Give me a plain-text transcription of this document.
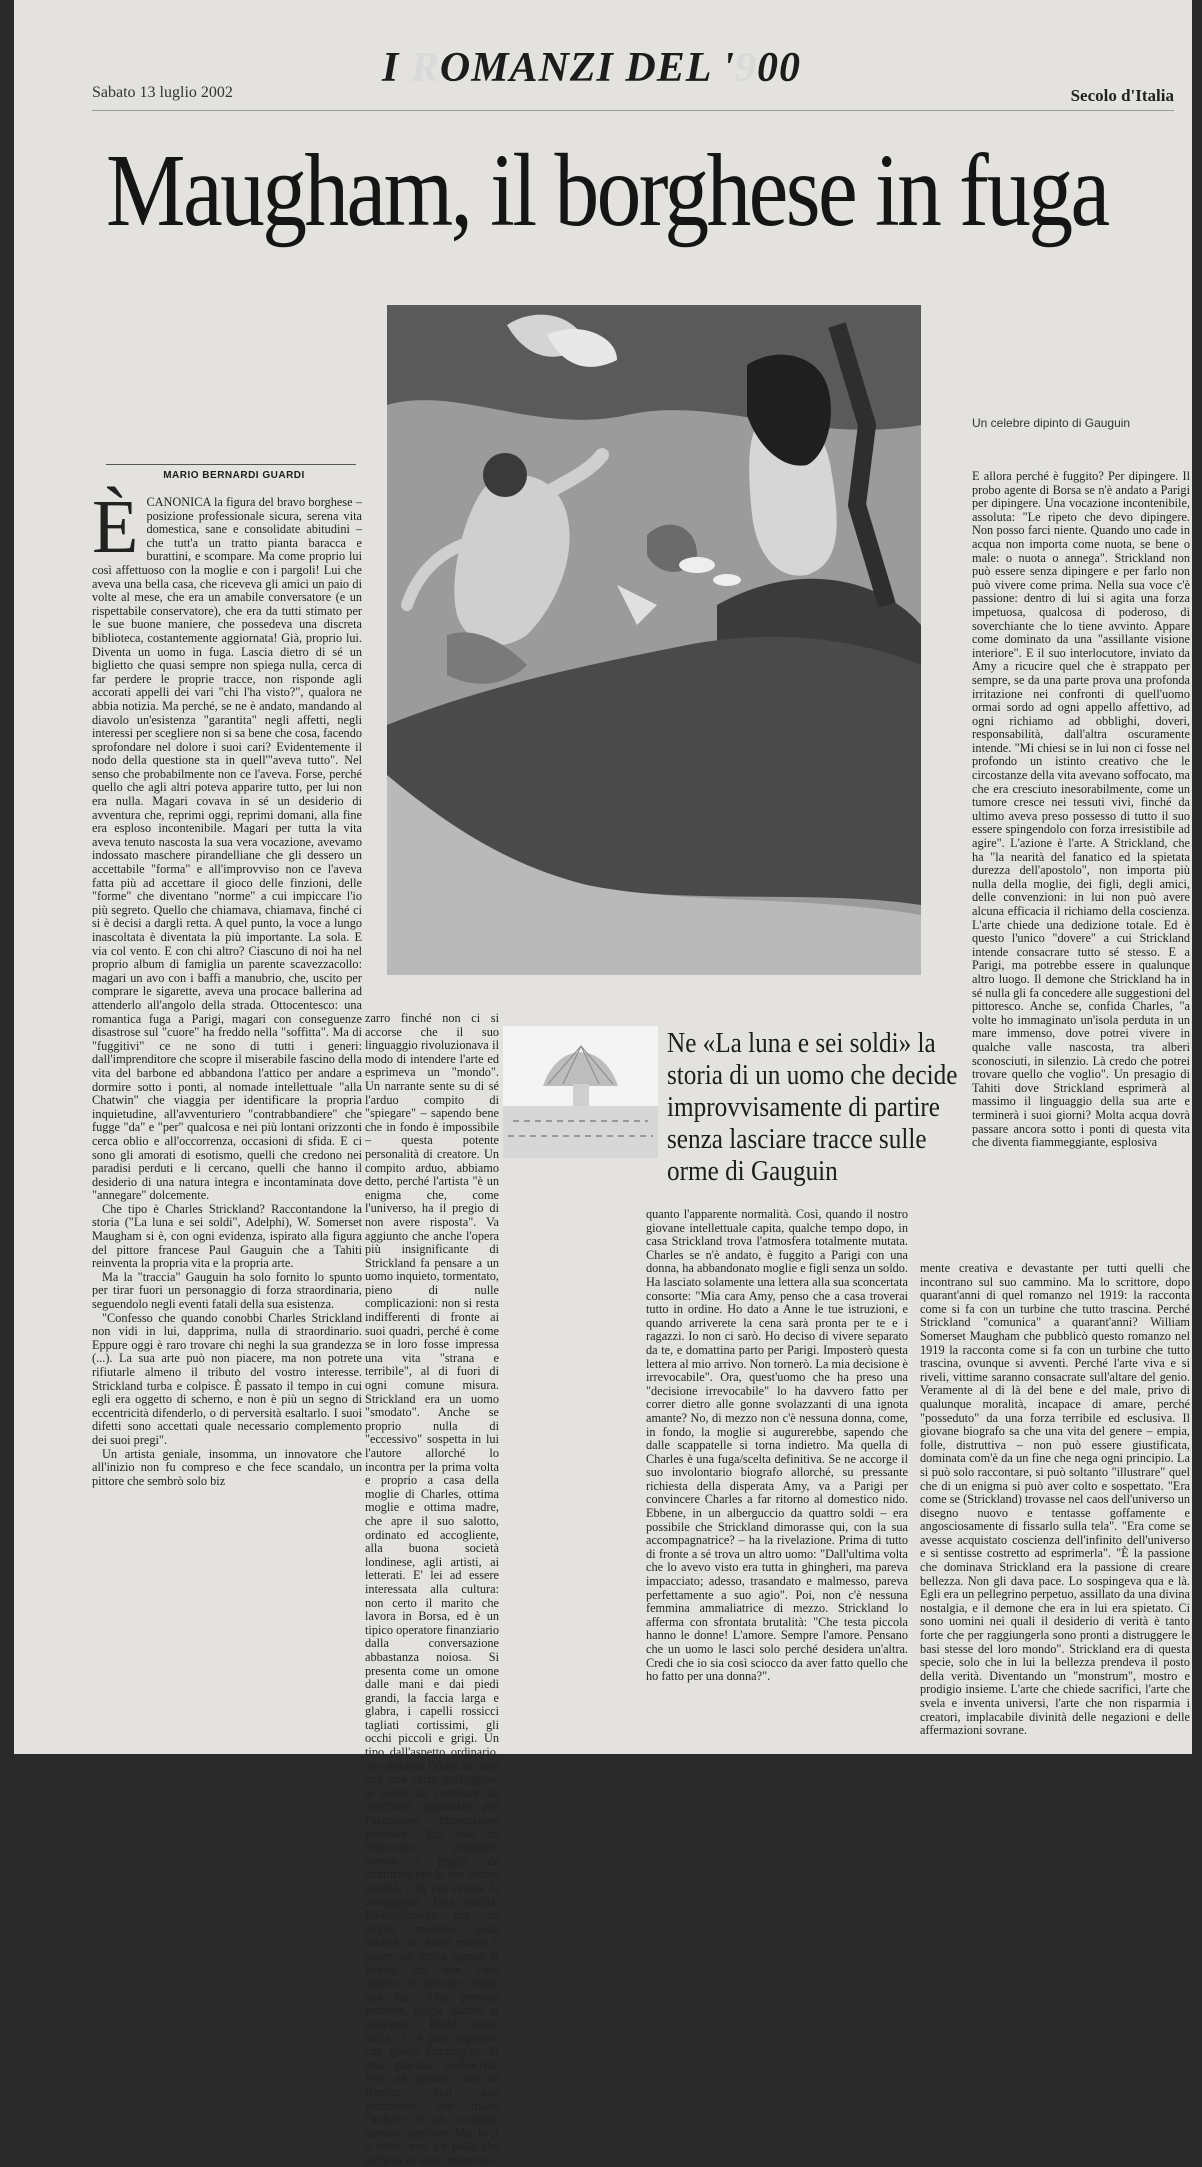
I ROMANZI DEL '900
Sabato 13 luglio 2002	Secolo d'Italia
Maugham, il borghese in fuga
Un celebre dipinto di Gauguin
MARIO BERNARDI GUARDI

ÈCANONICA la figura del bravo borghese – posizione professionale sicura, serena vita domestica, sane e consolidate abitudini – che tutt'a un tratto pianta baracca e burattini, e scompare. Ma come proprio lui così affettuoso con la moglie e con i pargoli! Lui che aveva una bella casa, che riceveva gli amici un paio di volte al mese, che era un amabile conversatore (e un rispettabile conservatore), che era da tutti stimato per le sue buone maniere, che possedeva una discreta biblioteca, costantemente aggiornata! Già, proprio lui. Diventa un uomo in fuga. Lascia dietro di sé un biglietto che quasi sempre non spiega nulla, cerca di far perdere le proprie tracce, non risponde agli accorati appelli dei vari "chi l'ha visto?", qualora ne abbia notizia. Ma perché, se ne è andato, mandando al diavolo un'esistenza "garantita" negli affetti, negli interessi per scegliere non si sa bene che cosa, facendo sprofondare nel dolore i suoi cari? Evidentemente il nodo della questione sta in quell'"aveva tutto". Nel senso che probabilmente non ce l'aveva. Forse, perché quello che agli altri poteva apparire tutto, per lui non era nulla. Magari covava in sé un desiderio di avventura che, reprimi oggi, reprimi domani, alla fine era esploso incontenibile. Magari per tutta la vita aveva tenuto nascosta la sua vera vocazione, avevamo indossato maschere pirandelliane che gli dessero un accettabile "forma" e all'improvviso non ce l'aveva fatta più ad accettare il gioco delle finzioni, delle "forme" che diventano "norme" a cui impiccare l'io più segreto. Quello che chiamava, chiamava, finché ci si è decisi a dargli retta. A quel punto, la voce a lungo inascoltata è diventata la più importante. La sola. E via col vento. E con chi altro? Ciascuno di noi ha nel proprio album di famiglia un parente scavezzacollo: magari un avo con i baffi a manubrio, che, uscito per comprare le sigarette, aveva una procace ballerina ad attenderlo all'angolo della strada. Ottocentesco: una romantica fuga a Parigi, magari con conseguenze disastrose sul "cuore" ha freddo nella "soffitta". Ma di "fuggitivi" ce ne sono di tutti i generi: dall'imprenditore che scopre il miserabile fascino della vita del barbone ed abbandona l'attico per andare a dormire sotto i ponti, al nomade intellettuale "alla Chatwin" che viaggia per identificare la propria inquietudine, all'avventuriero "contrabbandiere" che fugge "da" e "per" qualcosa e nei più lontani orizzonti cerca oblio e all'occorrenza, occasioni di sfida. E ci sono gli amorati di esotismo, quelli che credono nei paradisi perduti e li cercano, quelli che hanno il desiderio di una natura integra e incontaminata dove "annegare" dolcemente.

Che tipo è Charles Strickland? Raccontandone la storia ("La luna e sei soldi", Adelphi), W. Somerset Maugham si è, con ogni evidenza, ispirato alla figura del pittore francese Paul Gauguin che a Tahiti reinventa la propria vita e la propria arte.

Ma la "traccia" Gauguin ha solo fornito lo spunto per tirar fuori un personaggio di forza straordinaria, seguendolo negli eventi fatali della sua esistenza.

"Confesso che quando conobbi Charles Strickland non vidi in lui, dapprima, nulla di straordinario. Eppure oggi è raro trovare chi neghi la sua grandezza (...). La sua arte può non piacere, ma non potrete rifiutarle almeno il tributo del vostro interesse. Strickland turba e colpisce. È passato il tempo in cui egli era oggetto di scherno, e non è più un segno di eccentricità difenderlo, o di perversità esaltarlo. I suoi difetti sono accettati quale necessario complemento dei suoi pregi".

Un artista geniale, insomma, un innovatore che all'inizio non fu compreso e che fece scandalo, un pittore che sembrò solo biz

Ne «La luna e sei soldi» la storia di un uomo che decide improvvisamente di partire senza lasciare tracce sulle orme di Gauguin
zarro finché non ci si accorse che il suo linguaggio rivoluzionava il modo di intendere l'arte ed esprimeva un "mondo". Un narrante sente su di sé l'arduo compito di "spiegare" – sapendo bene che in fondo è impossibile – questa potente personalità di creatore. Un compito arduo, abbiamo detto, perché l'artista "è un enigma che, come l'universo, ha il pregio di non avere risposta". Va aggiunto che anche l'opera più insignificante di Strickland fa pensare a un uomo inquieto, tormentato, pieno di nulle complicazioni: non si resta indifferenti di fronte ai suoi quadri, perché è come se in loro fosse impressa una vita "strana e terribile", al di fuori di ogni comune misura. Strickland era un uomo "smodato". Anche se proprio nulla di "eccessivo" sospetta in lui l'autore allorché lo incontra per la prima volta e proprio a casa della moglie di Charles, ottima moglie e ottima madre, che apre il suo salotto, ordinato ed accogliente, alla buona società londinese, agli artisti, ai letterati. E' lei ad essere interessata alla cultura: non certo il marito che lavora in Borsa, ed è un tipico operatore finanziario dalla conversazione abbastanza noiosa. Si presenta come un omone dalle mani e dai piedi grandi, la faccia larga e glabra, i capelli rossicci tagliati cortissimi, gli occhi piccoli e grigi. Un tipo dall'aspetto ordinario, che indossa l'abito da sera con una certa goffaggine, al punto da sembrare un cocchiere agghindato per l'occasione. Impressione generale: "Era solo un bravuomo, semplice, onesto e grigio, da ammirare per le sue ottime qualità, e di cui evitare la compagnia. Una nullità. Probabilmente era un degno membro della società, un buon marito e padre, un probo agente di Borsa; ma non c'era motivo di sprecare tempo con lui". Una persona perbene, grigia quanto si conviene. Dalla quale nulla ci si può aspettare che guasti l'immagine di una placida mediocrità. Non un guizzo, non un fremito, non una vibrazione che diano l'indizio di un occultato tumulto interiore. Ma, lo si è visto: non c'è nulla che rechi in sé tanti imprevisti
quanto l'apparente normalità. Così, quando il nostro giovane intellettuale capita, qualche tempo dopo, in casa Strickland trova l'atmosfera totalmente mutata. Charles se n'è andato, è fuggito a Parigi con una donna, ha abbandonato moglie e figli senza un soldo. Ha lasciato solamente una lettera alla sua sconcertata consorte: "Mia cara Amy, penso che a casa troverai tutto in ordine. Ho dato a Anne le tue istruzioni, e quando arriverete la cena sarà pronta per te e i ragazzi. Io non ci sarò. Ho deciso di vivere separato da te, e domattina parto per Parigi. Imposterò questa lettera al mio arrivo. Non tornerò. La mia decisione è irrevocabile". Ora, quest'uomo che ha preso una "decisione irrevocabile" lo ha davvero fatto per correr dietro alle gonne svolazzanti di una ignota amante? No, di mezzo non c'è nessuna donna, come, in fondo, la moglie si augurerebbe, sapendo che dalle scappatelle si torna indietro. Ma quella di Charles è una fuga/scelta definitiva. Se ne accorge il suo involontario biografo allorché, su pressante richiesta della disperata Amy, va a Parigi per convincere Charles a far ritorno al domestico nido. Ebbene, in un alberguccio da quattro soldi – era possibile che Strickland dimorasse qui, con la sua accompagnatrice? – ha la rivelazione. Prima di tutto di fronte a sé trova un altro uomo: "Dall'ultima volta che lo avevo visto era tutta in ghingheri, ma pareva impacciato; adesso, trasandato e malmesso, pareva perfettamente a suo agio". Poi, non c'è nessuna femmina ammaliatrice di mezzo. Strickland lo afferma con sfrontata brutalità: "Che testa piccola hanno le donne! L'amore. Sempre l'amore. Pensano che un uomo le lasci solo perché desidera un'altra. Credi che io sia così sciocco da aver fatto quello che ho fatto per una donna?".
E allora perché è fuggito? Per dipingere. Il probo agente di Borsa se n'è andato a Parigi per dipingere. Una vocazione incontenibile, assoluta: "Le ripeto che devo dipingere. Non posso farci niente. Quando uno cade in acqua non importa come nuota, se bene o male: o nuota o annega". Strickland non può essere senza dipingere e per farlo non può vivere come prima. Nella sua voce c'è passione: dentro di lui si agita una forza impetuosa, qualcosa di poderoso, di soverchiante che lo tiene avvinto. Appare come dominato da una "assillante visione interiore". E il suo interlocutore, inviato da Amy a ricucire quel che è strappato per sempre, se da una parte prova una profonda irritazione nei confronti di quell'uomo ormai sordo ad ogni appello affettivo, ad ogni richiamo ad obblighi, doveri, responsabilità, dall'altra oscuramente intende. "Mi chiesi se in lui non ci fosse nel profondo un istinto creativo che le circostanze della vita avevano soffocato, ma che era cresciuto inesorabilmente, come un tumore cresce nei tessuti vivi, finché da ultimo aveva preso possesso di tutto il suo essere spingendolo con forza irresistibile ad agire". L'azione è l'arte. A Strickland, che ha "la nearità del fanatico ed la spietata durezza dell'apostolo", non importa più nulla della moglie, dei figli, degli amici, delle convenzioni: in lui non può avere alcuna efficacia il richiamo della coscienza. L'arte chiede una dedizione totale. Ed è questo l'unico "dovere" a cui Strickland intende consacrare tutto sé stesso. E a Parigi, ma potrebbe essere in qualunque altro luogo. Il demone che Strickland ha in sé nulla gli fa concedere alle suggestioni del pittoresco. Anche se, confida Charles, "a volte ho immaginato un'isola perduta in un mare immenso, dove potrei vivere in qualche valle nascosta, tra alberi sconosciuti, in silenzio. Là credo che potrei trovare quello che voglio". Un presagio di Tahiti dove Strickland esprimerà al massimo il linguaggio della sua arte e terminerà i suoi giorni? Molta acqua dovrà passare ancora sotto i ponti di questa vita che diventa fiammeggiante, esplosiva
mente creativa e devastante per tutti quelli che incontrano sul suo cammino. Ma lo scrittore, dopo quarant'anni di quel romanzo nel 1919: la racconta come si fa con un turbine che tutto trascina. Perché Strickland "comunica" a quarant'anni? William Somerset Maugham che pubblicò questo romanzo nel 1919 la racconta come si fa con un turbine che tutto trascina, ovunque si avventi. Perché l'arte viva e si riveli, vittime saranno consacrate sull'altare del genio. Veramente al di là del bene e del male, privo di qualunque moralità, incapace di amare, perché "posseduto" da una forza terribile ed esclusiva. Il giovane biografo sa che una vita del genere – empia, folle, distruttiva – non può essere giustificata, dominata com'è da un fine che nega ogni principio. La si può solo raccontare, si può soltanto "illustrare" quel che di un enigma si può aver colto e sospettato. "Era come se (Strickland) trovasse nel caos dell'universo un disegno nuovo e tentasse goffamente e angosciosamente di fissarlo sulla tela". "Era come se avesse acquistato coscienza dell'infinito dell'universo e si sentisse costretto ad esprimerla". "È la passione che dominava Strickland era la passione di creare bellezza. Non gli dava pace. Lo sospingeva qua e là. Egli era un pellegrino perpetuo, assillato da una divina nostalgia, e il demone che era in lui era spietato. Ci sono uomini nei quali il desiderio di verità è tanto forte che per raggiungerla sono pronti a distruggere le basi stesse del loro mondo". Strickland era di questa specie, solo che in lui la bellezza prendeva il posto della verità. Diventando un "monstrum", mostro e prodigio insieme. L'arte che chiede sacrifici, l'arte che svela e inventa universi, l'arte che non risparmia i creatori, implacabile divinità delle negazioni e delle affermazioni sovrane.
